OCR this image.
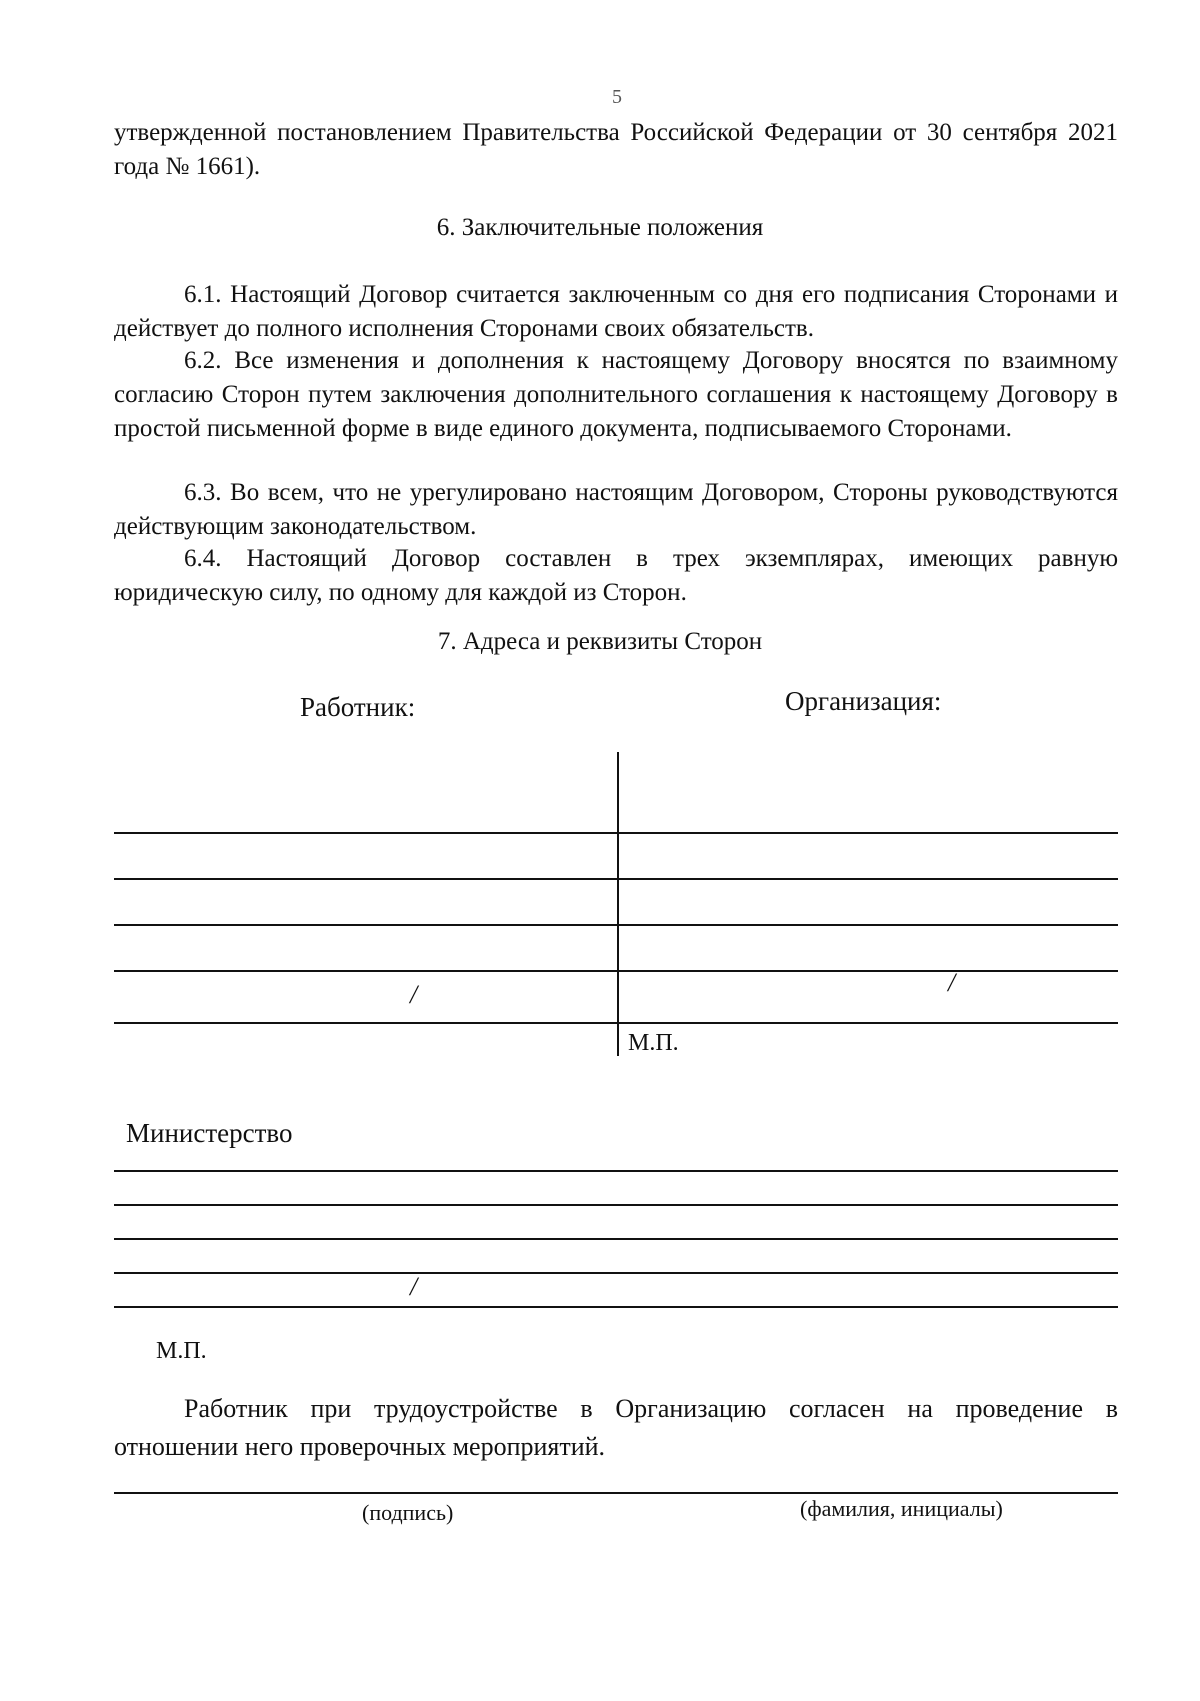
5
утвержденной постановлением Правительства Российской Федерации от 30 сентября 2021 года № 1661).
6. Заключительные положения
6.1. Настоящий Договор считается заключенным со дня его подписания Сторонами и действует до полного исполнения Сторонами своих обязательств.
6.2. Все изменения и дополнения к настоящему Договору вносятся по взаимному согласию Сторон путем заключения дополнительного соглашения к настоящему Договору в простой письменной форме в виде единого документа, подписываемого Сторонами.
6.3. Во всем, что не урегулировано настоящим Договором, Стороны руководствуются действующим законодательством.
6.4. Настоящий Договор составлен в трех экземплярах, имеющих равную юридическую силу, по одному для каждой из Сторон.
7. Адреса и реквизиты Сторон
Работник:	Организация:
/	/
М.П.
Министерство
/
М.П.
Работник при трудоустройстве в Организацию согласен на проведение в отношении него проверочных мероприятий.
(подпись)	(фамилия, инициалы)
